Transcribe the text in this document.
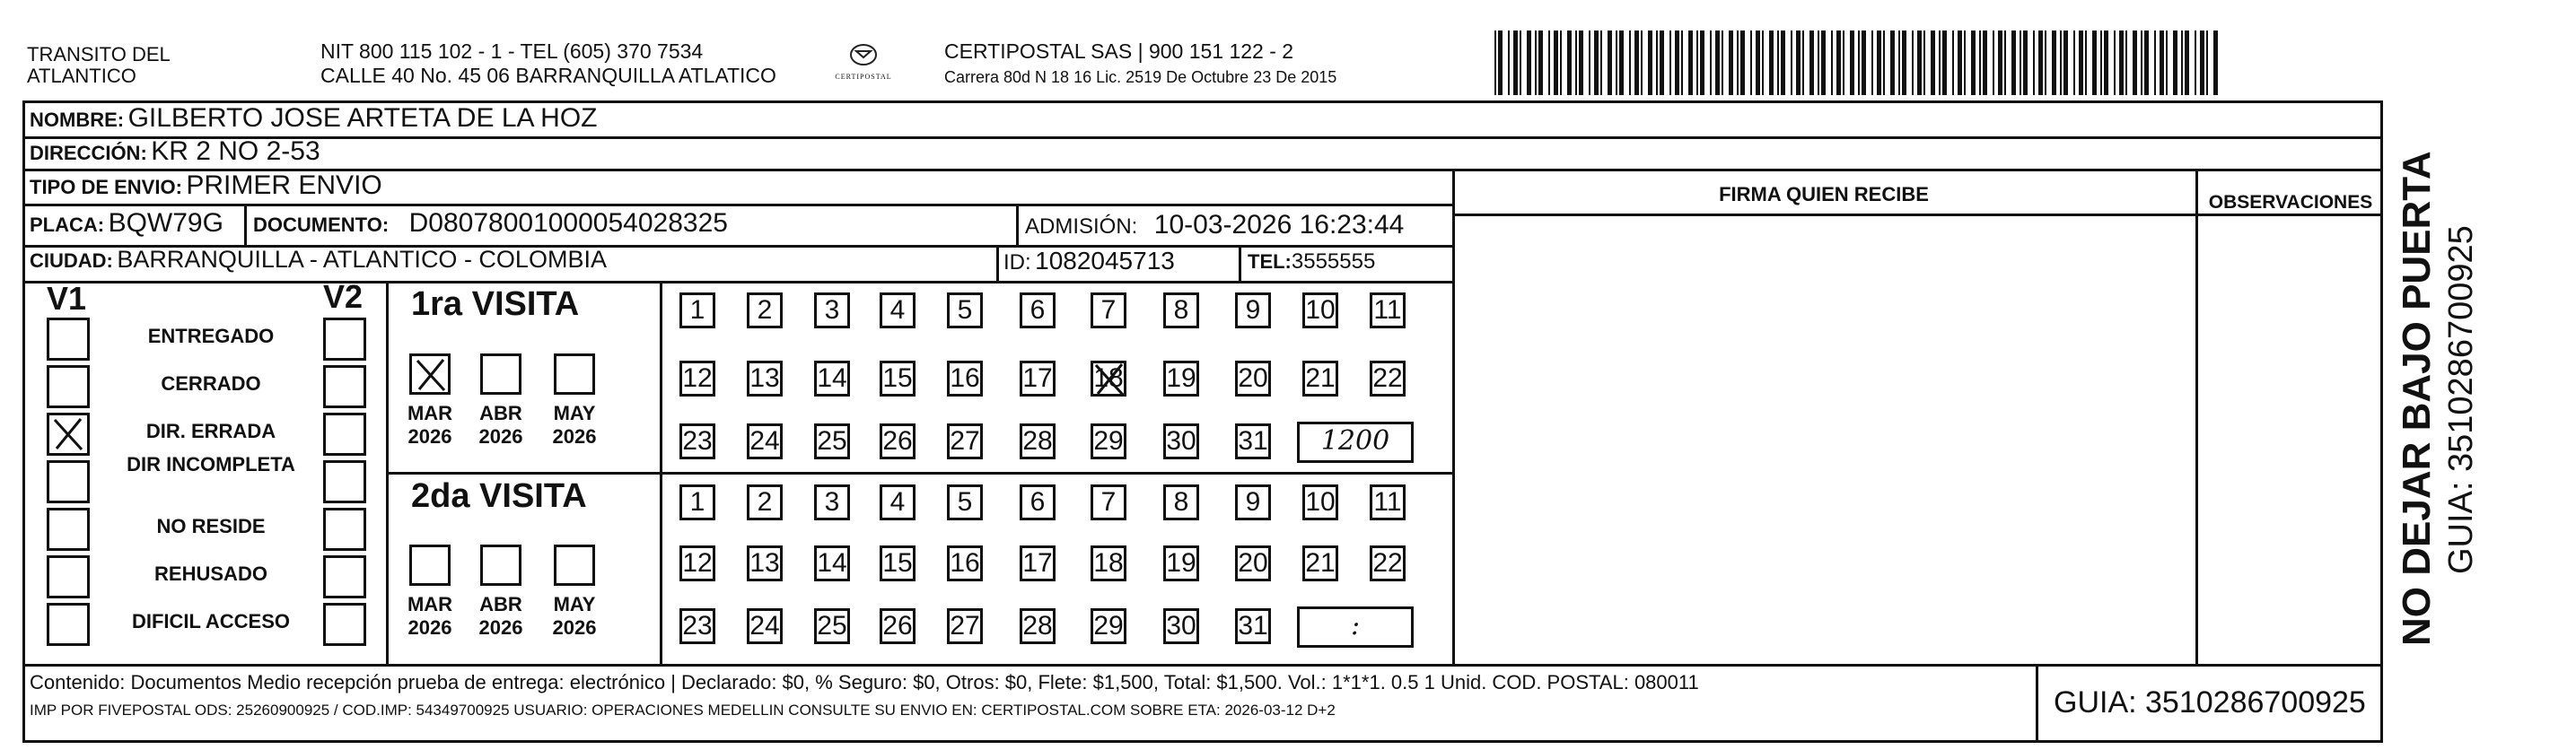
TRANSITO DEL
ATLANTICO
NIT 800 115 102 - 1 - TEL (605) 370 7534
CALLE 40 No. 45 06 BARRANQUILLA ATLATICO	CERTIPOSTAL
CERTIPOSTAL SAS | 900 151 122 - 2
Carrera 80d N 18 16 Lic. 2519 De Octubre 23 De 2015
FIRMA QUIEN RECIBE	OBSERVACIONES
NOMBRE: GILBERTO JOSE ARTETA DE LA HOZ
DIRECCIÓN: KR 2 NO 2-53
TIPO DE ENVIO: PRIMER ENVIO
PLACA: BQW79G DOCUMENTO: D08078001000054028325	ADMISIÓN: 10-03-2026 16:23:44
CIUDAD: BARRANQUILLA - ATLANTICO - COLOMBIA	ID: 1082045713	TEL:3555555
V1	V2
ENTREGADO
CERRADO
DIR. ERRADA
DIR INCOMPLETA
NO RESIDE
REHUSADO
DIFICIL ACCESO
1ra VISITA
MAR
2026
ABR
2026
MAY
2026
1	2	3	4	5	6	7	8	9	10 11
12 13 14 15 16 17 18 19 20 21 22
23 24 25 26 27 28 29 30 31	1200
2da VISITA
MAR
2026
ABR
2026
MAY
2026
1	2	3	4	5	6	7	8	9	10 11
12 13 14 15 16 17 18 19 20 21 22
23 24 25 26 27 28 29 30 31	:
Contenido: Documentos Medio recepción prueba de entrega: electrónico | Declarado: $0, % Seguro: $0, Otros: $0, Flete: $1,500, Total: $1,500. Vol.: 1*1*1. 0.5 1 Unid. COD. POSTAL: 080011
IMP POR FIVEPOSTAL ODS: 25260900925 / COD.IMP: 54349700925 USUARIO: OPERACIONES MEDELLIN CONSULTE SU ENVIO EN: CERTIPOSTAL.COM SOBRE ETA: 2026-03-12 D+2	GUIA: 3510286700925
NO DEJAR BAJO PUERTA GUIA: 3510286700925
